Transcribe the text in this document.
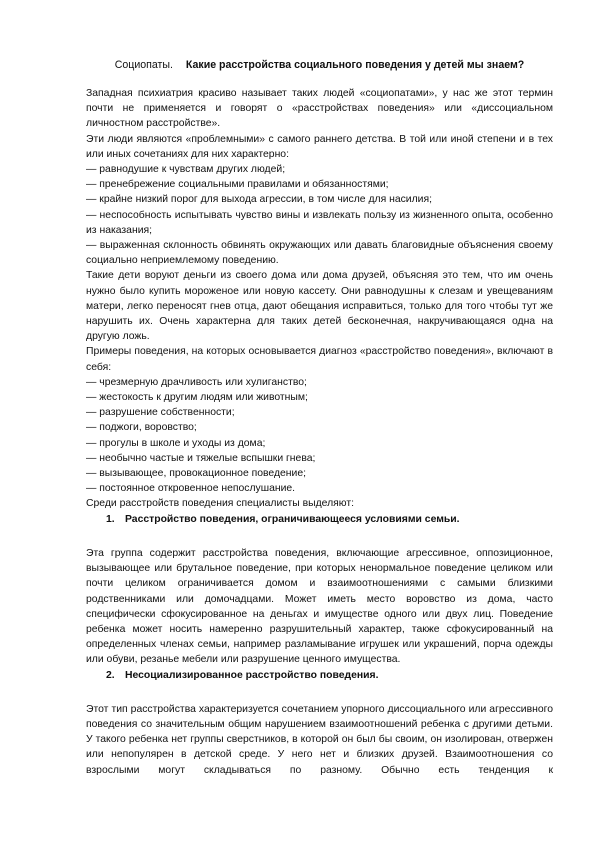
Социопаты. Какие расстройства социального поведения у детей мы знаем?

Западная психиатрия красиво называет таких людей «социопатами», у нас же этот термин почти не применяется и говорят о «расстройствах поведения» или «диссоциальном личностном расстройстве».

Эти люди являются «проблемными» с самого раннего детства. В той или иной степени и в тех или иных сочетаниях для них характерно:

— равнодушие к чувствам других людей;
— пренебрежение социальными правилами и обязанностями;
— крайне низкий порог для выхода агрессии, в том числе для насилия;
— неспособность испытывать чувство вины и извлекать пользу из жизненного опыта, особенно из наказания;
— выраженная склонность обвинять окружающих или давать благовидные объяснения своему социально неприемлемому поведению.

Такие дети воруют деньги из своего дома или дома друзей, объясняя это тем, что им очень нужно было купить мороженое или новую кассету. Они равнодушны к слезам и увещеваниям матери, легко переносят гнев отца, дают обещания исправиться, только для того чтобы тут же нарушить их. Очень характерна для таких детей бесконечная, накручивающаяся одна на другую ложь.

Примеры поведения, на которых основывается диагноз «расстройство поведения», включают в себя:

— чрезмерную драчливость или хулиганство;
— жестокость к другим людям или животным;
— разрушение собственности;
— поджоги, воровство;
— прогулы в школе и уходы из дома;
— необычно частые и тяжелые вспышки гнева;
— вызывающее, провокационное поведение;
— постоянное откровенное непослушание.

Среди расстройств поведения специалисты выделяют:

1. Расстройство поведения, ограничивающееся условиями семьи.

Эта группа содержит расстройства поведения, включающие агрессивное, оппозиционное, вызывающее или брутальное поведение, при которых ненормальное поведение целиком или почти целиком ограничивается домом и взаимоотношениями с самыми близкими родственниками или домочадцами. Может иметь место воровство из дома, часто специфически сфокусированное на деньгах и имуществе одного или двух лиц. Поведение ребенка может носить намеренно разрушительный характер, также сфокусированный на определенных членах семьи, например разламывание игрушек или украшений, порча одежды или обуви, резанье мебели или разрушение ценного имущества.

2. Несоциализированное расстройство поведения.

Этот тип расстройства характеризуется сочетанием упорного диссоциального или агрессивного поведения со значительным общим нарушением взаимоотношений ребенка с другими детьми. У такого ребенка нет группы сверстников, в которой он был бы своим, он изолирован, отвержен или непопулярен в детской среде. У него нет и близких друзей. Взаимоотношения со взрослыми могут складываться по разному. Обычно есть тенденция к
